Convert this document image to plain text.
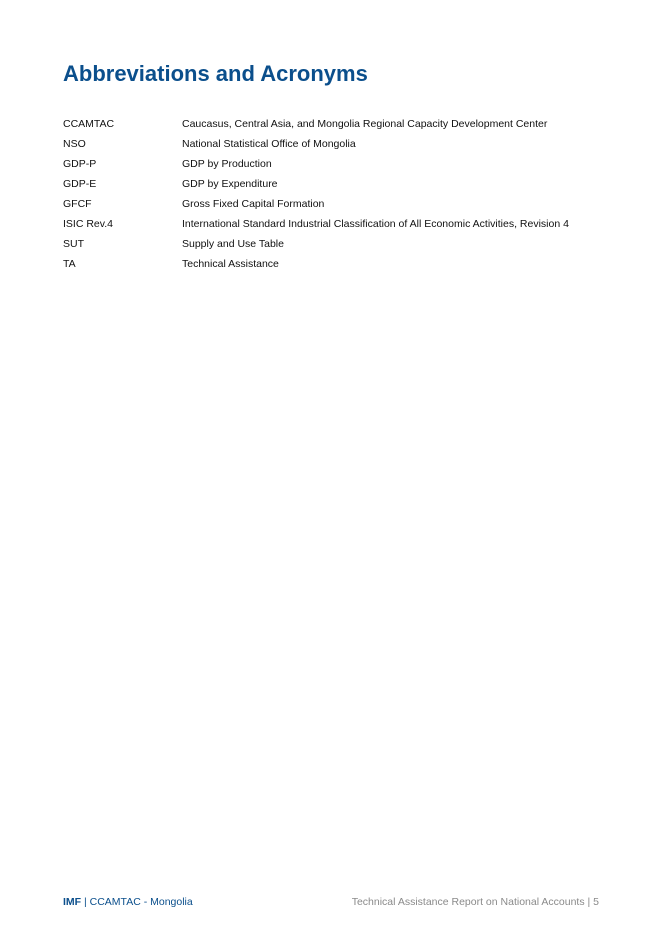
Abbreviations and Acronyms
CCAMTAC	Caucasus, Central Asia, and Mongolia Regional Capacity Development Center
NSO	National Statistical Office of Mongolia
GDP-P	GDP by Production
GDP-E	GDP by Expenditure
GFCF	Gross Fixed Capital Formation
ISIC Rev.4	International Standard Industrial Classification of All Economic Activities, Revision 4
SUT	Supply and Use Table
TA	Technical Assistance
IMF | CCAMTAC - Mongolia	Technical Assistance Report on National Accounts | 5
